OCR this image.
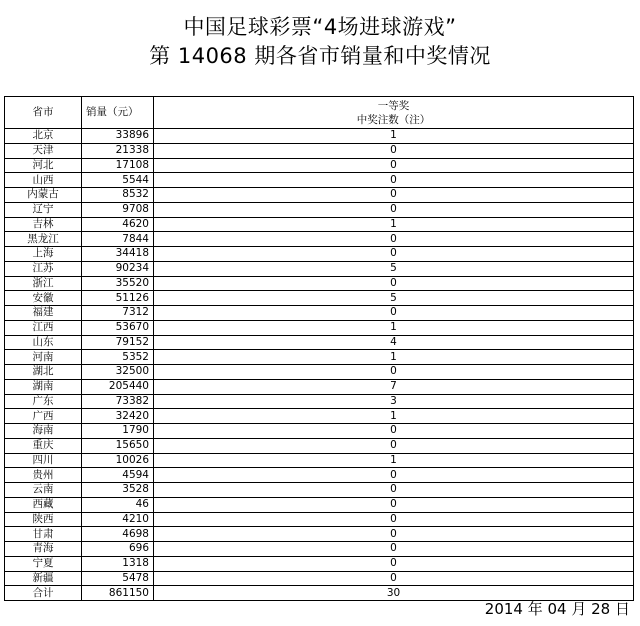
中国足球彩票“4场进球游戏”
第 14068 期各省市销量和中奖情况
省市	销量（元）	一等奖
中奖注数（注）

北京	33896	1
天津	21338	0
河北	17108	0
山西	5544	0
内蒙古	8532	0
辽宁	9708	0
吉林	4620	1
黑龙江	7844	0
上海	34418	0
江苏	90234	5
浙江	35520	0
安徽	51126	5
福建	7312	0
江西	53670	1
山东	79152	4
河南	5352	1
湖北	32500	0
湖南	205440	7
广东	73382	3
广西	32420	1
海南	1790	0
重庆	15650	0
四川	10026	1
贵州	4594	0
云南	3528	0
西藏	46	0
陕西	4210	0
甘肃	4698	0
青海	696	0
宁夏	1318	0
新疆	5478	0
合计	861150	30
2014 年 04 月 28 日
